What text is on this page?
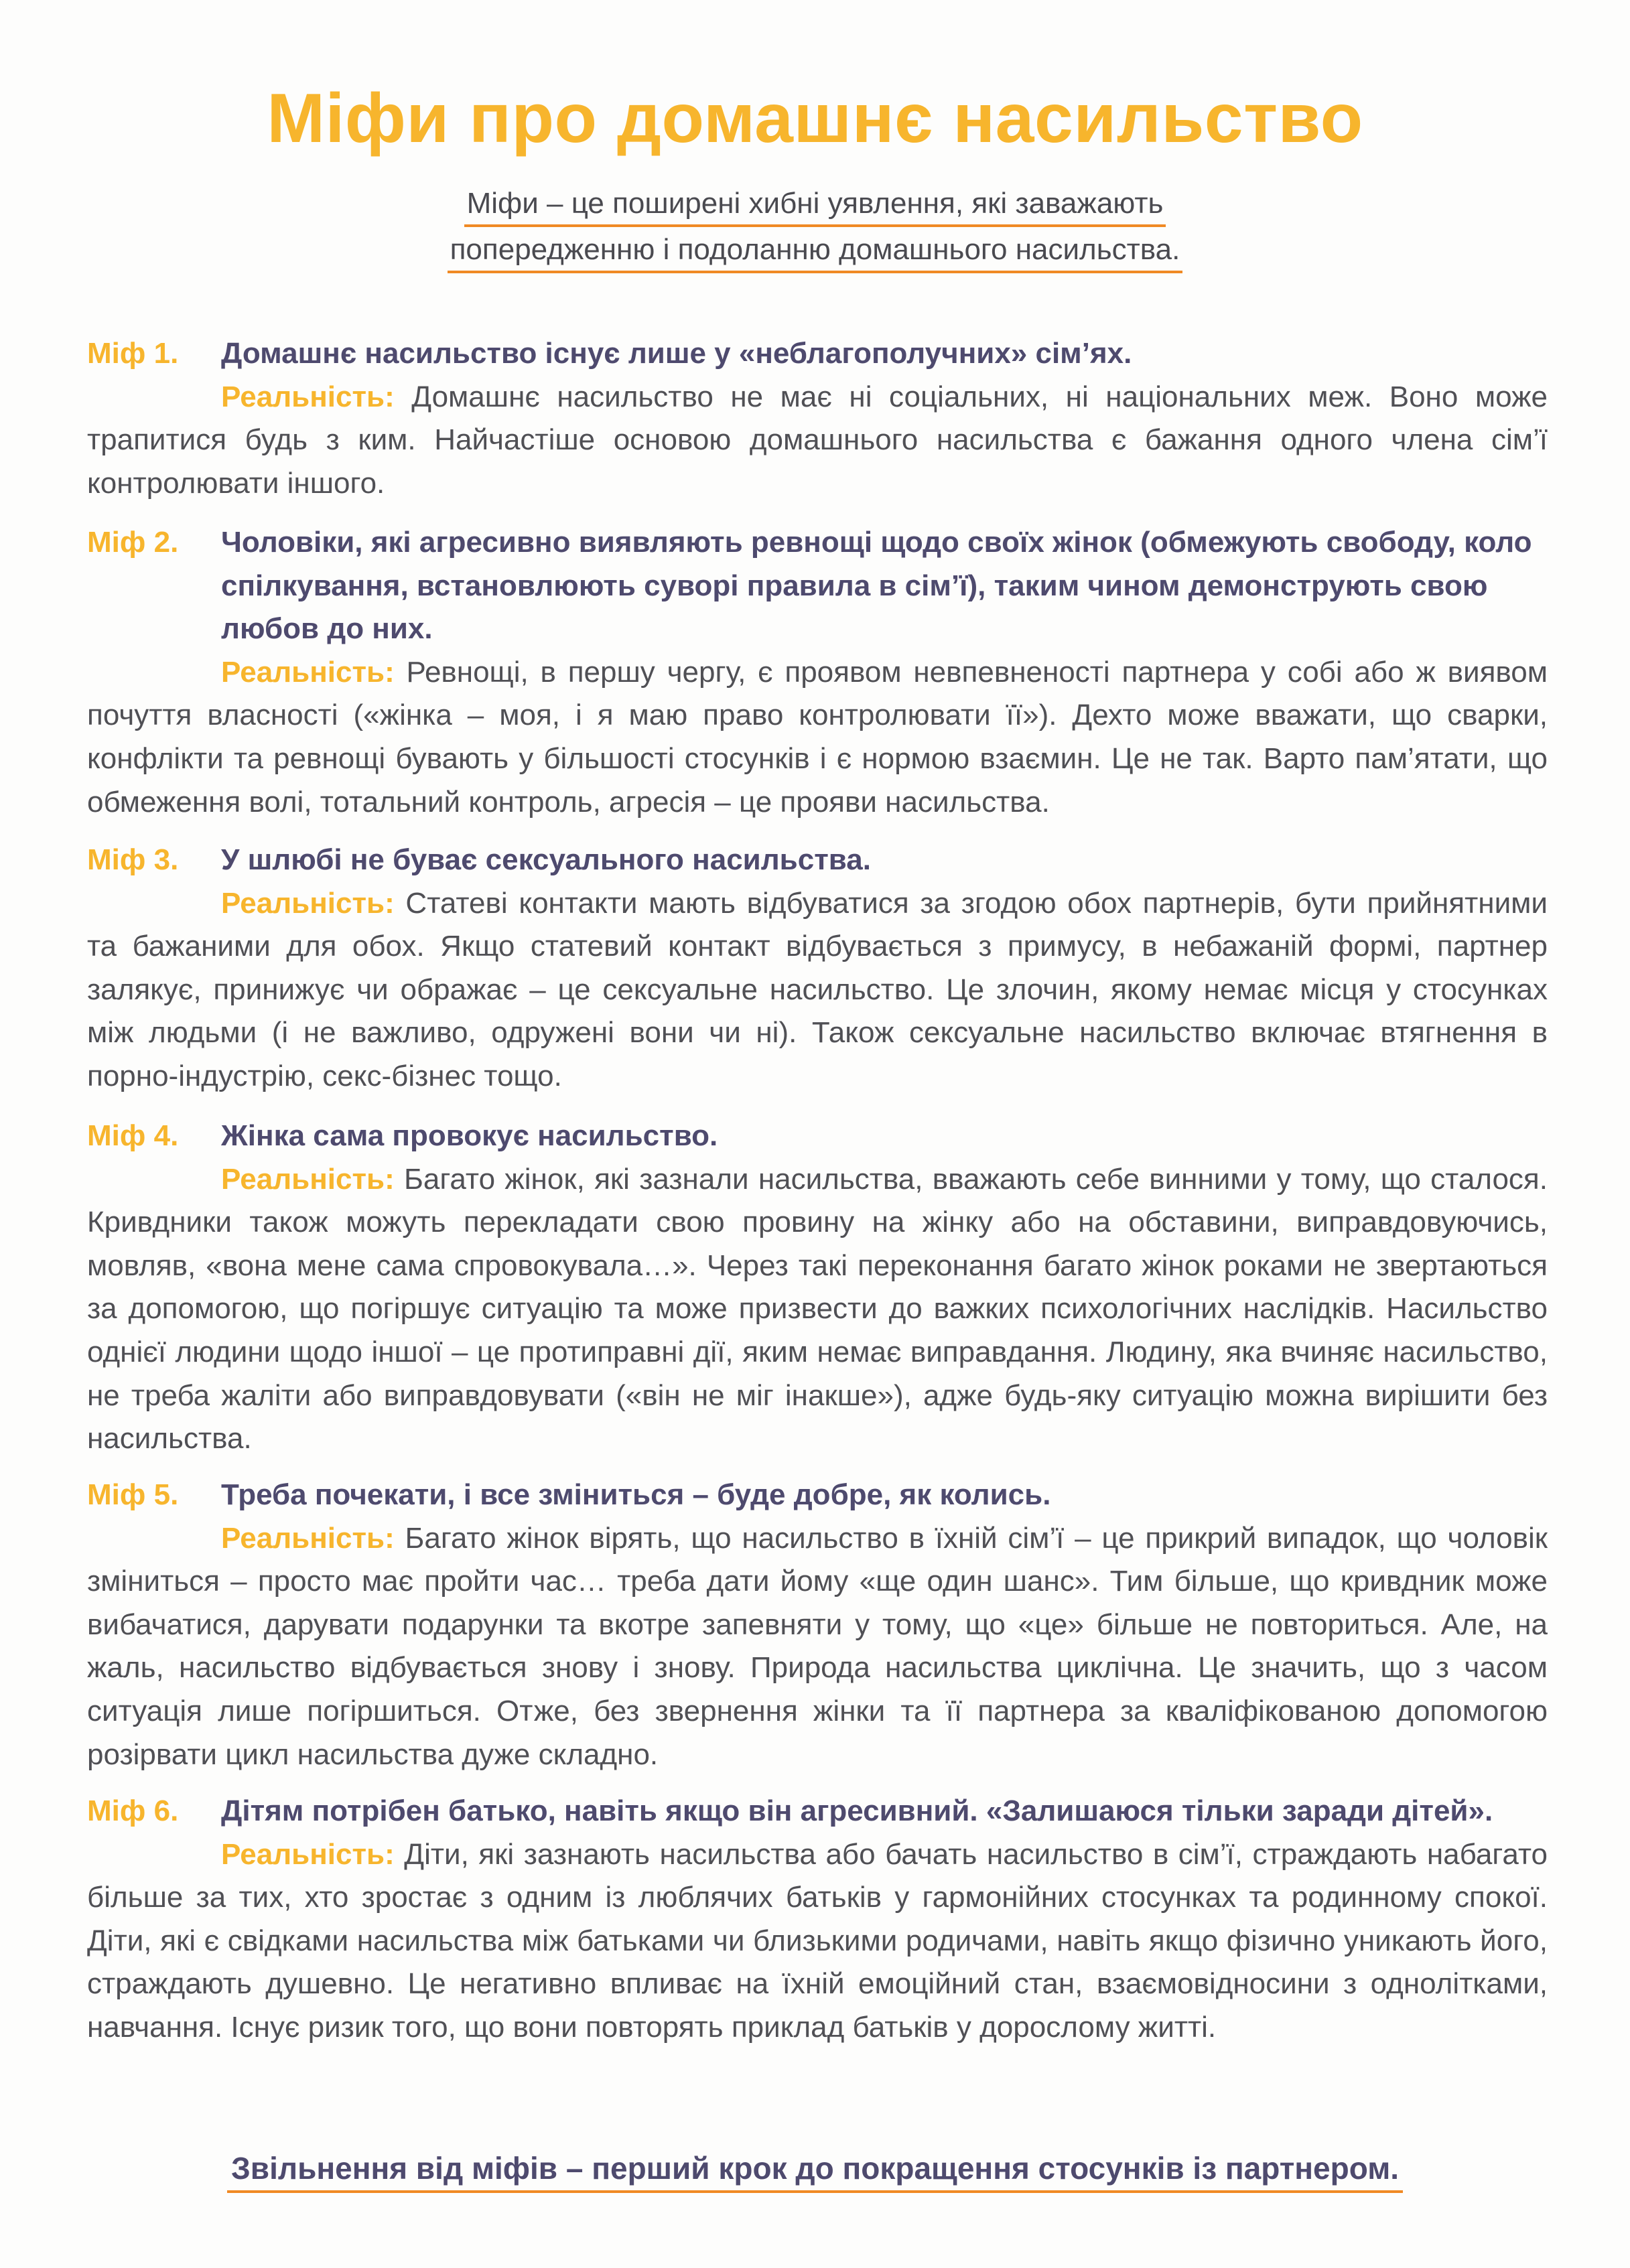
Міфи про домашнє насильство
Міфи – це поширені хибні уявлення, які заважають
попередженню і подоланню домашнього насильства.
Міф 1.	Домашнє насильство існує лише у «неблагополучних» сім’ях.

Реальність: Домашнє насильство не має ні соціальних, ні національних меж. Воно може трапитися будь з ким. Найчастіше основою домашнього насильства є бажання одного члена сім’ї контролювати іншого.

Міф 2.	Чоловіки, які агресивно виявляють ревнощі щодо своїх жінок (обмежують свободу, коло спілкування, встановлюють суворі правила в сім’ї), таким чином демонструють свою любов до них.

Реальність: Ревнощі, в першу чергу, є проявом невпевненості партнера у собі або ж виявом почуття власності («жінка – моя, і я маю право контролювати її»). Дехто може вважати, що сварки, конфлікти та ревнощі бувають у більшості стосунків і є нормою взаємин. Це не так. Варто пам’ятати, що обмеження волі, тотальний контроль, агресія – це прояви насильства.

Міф 3.	У шлюбі не буває сексуального насильства.

Реальність: Статеві контакти мають відбуватися за згодою обох партнерів, бути прийнятними та бажаними для обох. Якщо статевий контакт відбувається з примусу, в небажаній формі, партнер залякує, принижує чи ображає – це сексуальне насильство. Це злочин, якому немає місця у стосунках між людьми (і не важливо, одружені вони чи ні). Також сексуальне насильство включає втягнення в порно-індустрію, секс-бізнес тощо.

Міф 4.	Жінка сама провокує насильство.

Реальність: Багато жінок, які зазнали насильства, вважають себе винними у тому, що сталося. Кривдники також можуть перекладати свою провину на жінку або на обставини, виправдовуючись, мовляв, «вона мене сама спровокувала…». Через такі переконання багато жінок роками не звертаються за допомогою, що погіршує ситуацію та може призвести до важких психологічних наслідків. Насильство однієї людини щодо іншої – це протиправні дії, яким немає виправдання. Людину, яка вчиняє насильство, не треба жаліти або виправдовувати («він не міг інакше»), адже будь-яку ситуацію можна вирішити без насильства.

Міф 5.	Треба почекати, і все зміниться – буде добре, як колись.

Реальність: Багато жінок вірять, що насильство в їхній сім’ї – це прикрий випадок, що чоловік зміниться – просто має пройти час… треба дати йому «ще один шанс». Тим більше, що кривдник може вибачатися, дарувати подарунки та вкотре запевняти у тому, що «це» більше не повториться. Але, на жаль, насильство відбувається знову і знову. Природа насильства циклічна. Це значить, що з часом ситуація лише погіршиться. Отже, без звернення жінки та її партнера за кваліфікованою допомогою розірвати цикл насильства дуже складно.

Міф 6.	Дітям потрібен батько, навіть якщо він агресивний. «Залишаюся тільки заради дітей».

Реальність: Діти, які зазнають насильства або бачать насильство в сім’ї, страждають набагато більше за тих, хто зростає з одним із люблячих батьків у гармонійних стосунках та родинному спокої. Діти, які є свідками насильства між батьками чи близькими родичами, навіть якщо фізично уникають його, страждають душевно. Це негативно впливає на їхній емоційний стан, взаємовідносини з однолітками, навчання. Існує ризик того, що вони повторять приклад батьків у дорослому житті.

Звільнення від міфів – перший крок до покращення стосунків із партнером.
